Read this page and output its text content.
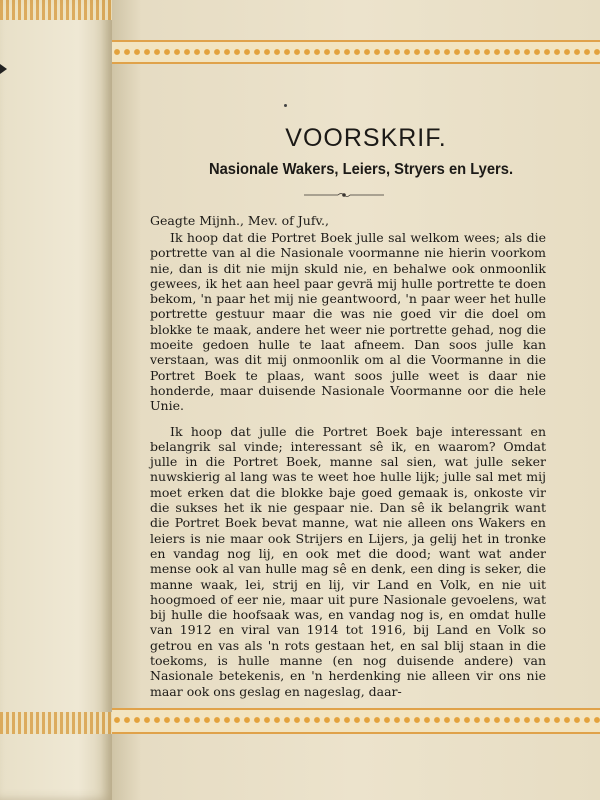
VOORSKRIF.
Nasionale Wakers, Leiers, Stryers en Lyers.
Geagte Mijnh., Mev. of Jufv.,

Ik hoop dat die Portret Boek julle sal welkom wees; als die portrette van al die Nasionale voormanne nie hierin voorkom nie, dan is dit nie mijn skuld nie, en behalwe ook onmoonlik gewees, ik het aan heel paar gevrä mij hulle portrette te doen bekom, 'n paar het mij nie geantwoord, 'n paar weer het hulle portrette gestuur maar die was nie goed vir die doel om blokke te maak, andere het weer nie portrette gehad, nog die moeite gedoen hulle te laat afneem. Dan soos julle kan verstaan, was dit mij onmoonlik om al die Voormanne in die Portret Boek te plaas, want soos julle weet is daar nie honderde, maar duisende Nasionale Voormanne oor die hele Unie.

Ik hoop dat julle die Portret Boek baje interessant en belangrik sal vinde; interessant sê ik, en waarom? Omdat julle in die Portret Boek, manne sal sien, wat julle seker nuwskierig al lang was te weet hoe hulle lijk; julle sal met mij moet erken dat die blokke baje goed gemaak is, onkoste vir die sukses het ik nie gespaar nie. Dan sê ik belangrik want die Portret Boek bevat manne, wat nie alleen ons Wakers en leiers is nie maar ook Strijers en Lijers, ja gelij het in tronke en vandag nog lij, en ook met die dood; want wat ander mense ook al van hulle mag sê en denk, een ding is seker, die manne waak, lei, strij en lij, vir Land en Volk, en nie uit hoogmoed of eer nie, maar uit pure Nasionale gevoelens, wat bij hulle die hoofsaak was, en vandag nog is, en omdat hulle van 1912 en viral van 1914 tot 1916, bij Land en Volk so getrou en vas als 'n rots gestaan het, en sal blij staan in die toekoms, is hulle manne (en nog duisende andere) van Nasionale betekenis, en 'n herdenking nie alleen vir ons nie maar ook ons geslag en nageslag, daar-
